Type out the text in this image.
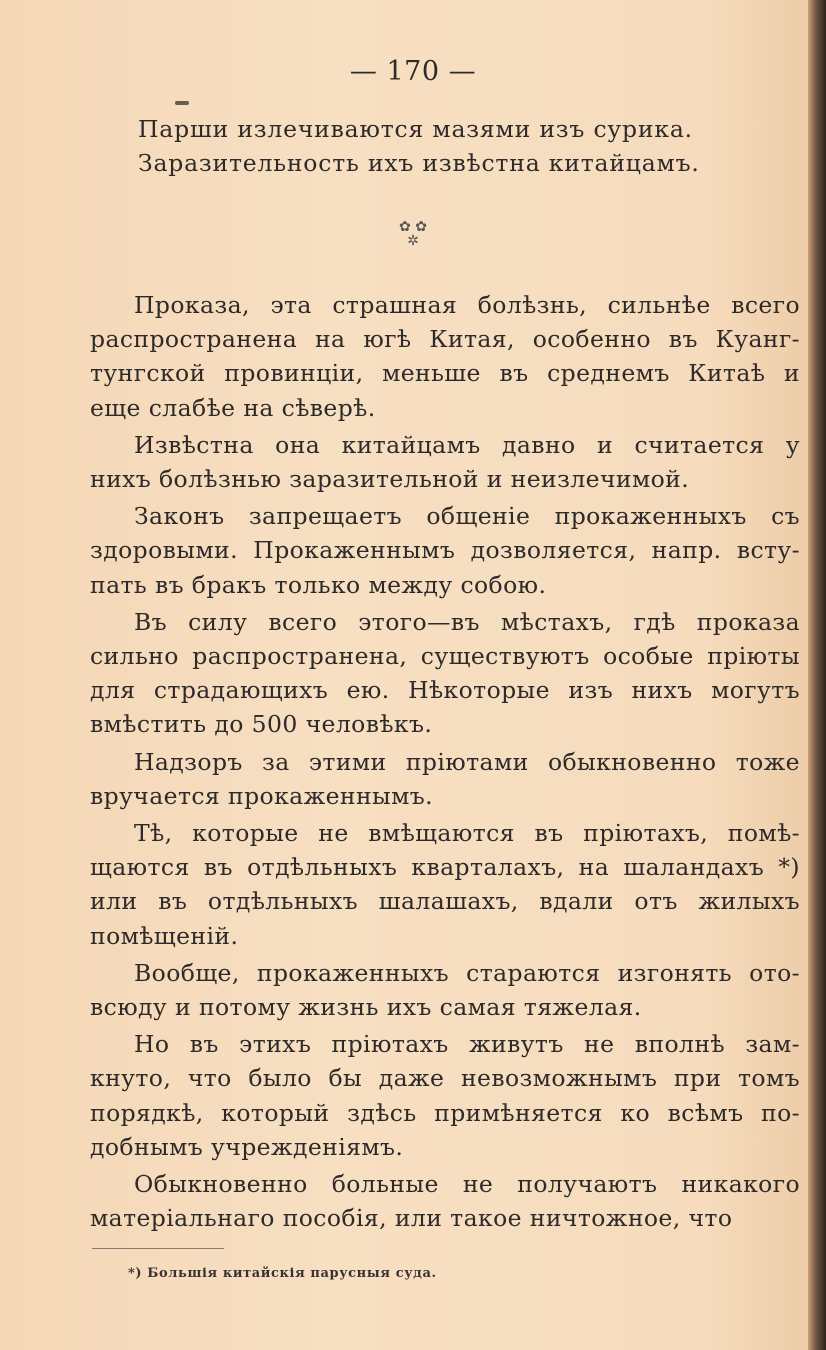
— 170 —
Парши излечиваются мазями изъ сурика.
Заразительность ихъ извѣстна китайцамъ.
✿ ✿
✲
Проказа, эта страшная болѣзнь, сильнѣе всего
распространена на югѣ Китая, особенно въ Куанг-
тунгской провинціи, меньше въ среднемъ Китаѣ и
еще слабѣе на сѣверѣ.
Извѣстна она китайцамъ давно и считается у
нихъ болѣзнью заразительной и неизлечимой.
Законъ запрещаетъ общеніе прокаженныхъ съ
здоровыми. Прокаженнымъ дозволяется, напр. всту-
пать въ бракъ только между собою.
Въ силу всего этого—въ мѣстахъ, гдѣ проказа
сильно распространена, существуютъ особые пріюты
для страдающихъ ею. Нѣкоторые изъ нихъ могутъ
вмѣстить до 500 человѣкъ.
Надзоръ за этими пріютами обыкновенно тоже
вручается прокаженнымъ.
Тѣ, которые не вмѣщаются въ пріютахъ, помѣ-
щаются въ отдѣльныхъ кварталахъ, на шаландахъ *)
или въ отдѣльныхъ шалашахъ, вдали отъ жилыхъ
помѣщеній.
Вообще, прокаженныхъ стараются изгонять ото-
всюду и потому жизнь ихъ самая тяжелая.
Но въ этихъ пріютахъ живутъ не вполнѣ зам-
кнуто, что было бы даже невозможнымъ при томъ
порядкѣ, который здѣсь примѣняется ко всѣмъ по-
добнымъ учрежденіямъ.
Обыкновенно больные не получаютъ никакого
матеріальнаго пособія, или такое ничтожное, что
*) Большія китайскія парусныя суда.
